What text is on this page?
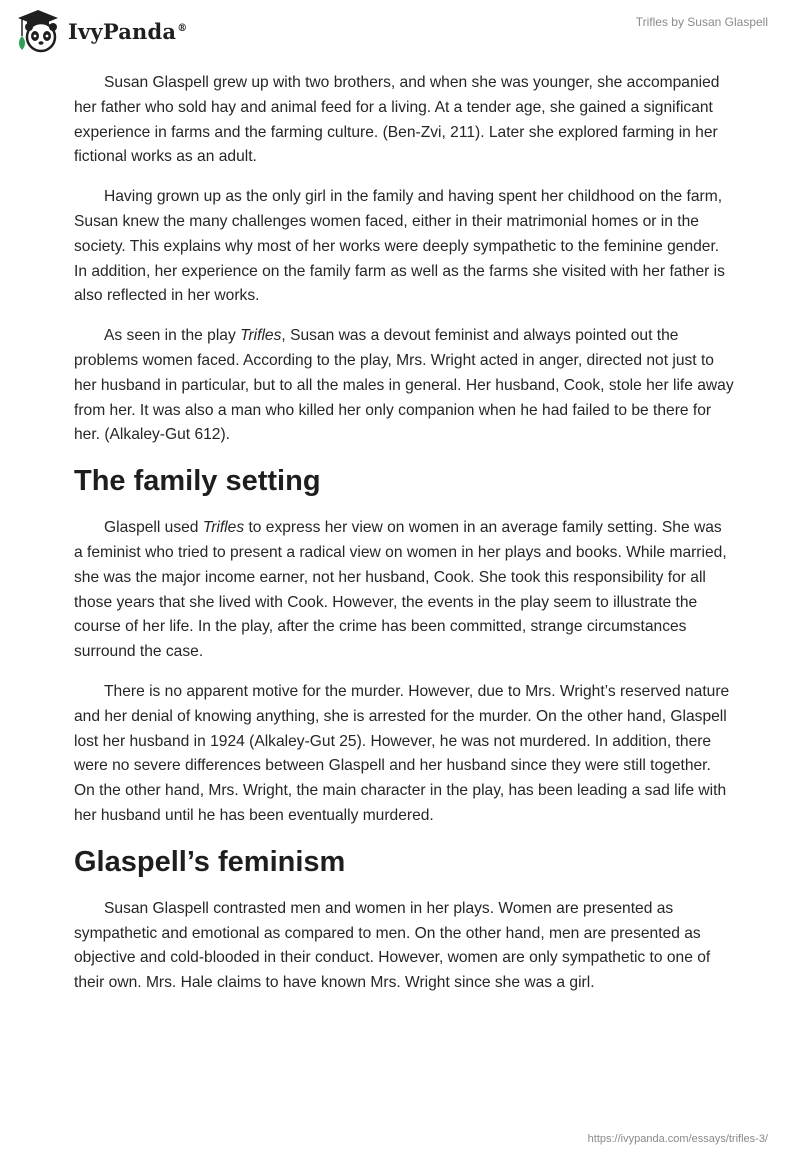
IvyPanda®	Trifles by Susan Glaspell

Susan Glaspell grew up with two brothers, and when she was younger, she accompanied her father who sold hay and animal feed for a living. At a tender age, she gained a significant experience in farms and the farming culture. (Ben-Zvi, 211). Later she explored farming in her fictional works as an adult.

Having grown up as the only girl in the family and having spent her childhood on the farm, Susan knew the many challenges women faced, either in their matrimonial homes or in the society. This explains why most of her works were deeply sympathetic to the feminine gender. In addition, her experience on the family farm as well as the farms she visited with her father is also reflected in her works.

As seen in the play Trifles, Susan was a devout feminist and always pointed out the problems women faced. According to the play, Mrs. Wright acted in anger, directed not just to her husband in particular, but to all the males in general. Her husband, Cook, stole her life away from her. It was also a man who killed her only companion when he had failed to be there for her. (Alkaley-Gut 612).

The family setting

Glaspell used Trifles to express her view on women in an average family setting. She was a feminist who tried to present a radical view on women in her plays and books. While married, she was the major income earner, not her husband, Cook. She took this responsibility for all those years that she lived with Cook. However, the events in the play seem to illustrate the course of her life. In the play, after the crime has been committed, strange circumstances surround the case.

There is no apparent motive for the murder. However, due to Mrs. Wright’s reserved nature and her denial of knowing anything, she is arrested for the murder. On the other hand, Glaspell lost her husband in 1924 (Alkaley-Gut 25). However, he was not murdered. In addition, there were no severe differences between Glaspell and her husband since they were still together. On the other hand, Mrs. Wright, the main character in the play, has been leading a sad life with her husband until he has been eventually murdered.

Glaspell’s feminism

Susan Glaspell contrasted men and women in her plays. Women are presented as sympathetic and emotional as compared to men. On the other hand, men are presented as objective and cold-blooded in their conduct. However, women are only sympathetic to one of their own. Mrs. Hale claims to have known Mrs. Wright since she was a girl.

https://ivypanda.com/essays/trifles-3/
